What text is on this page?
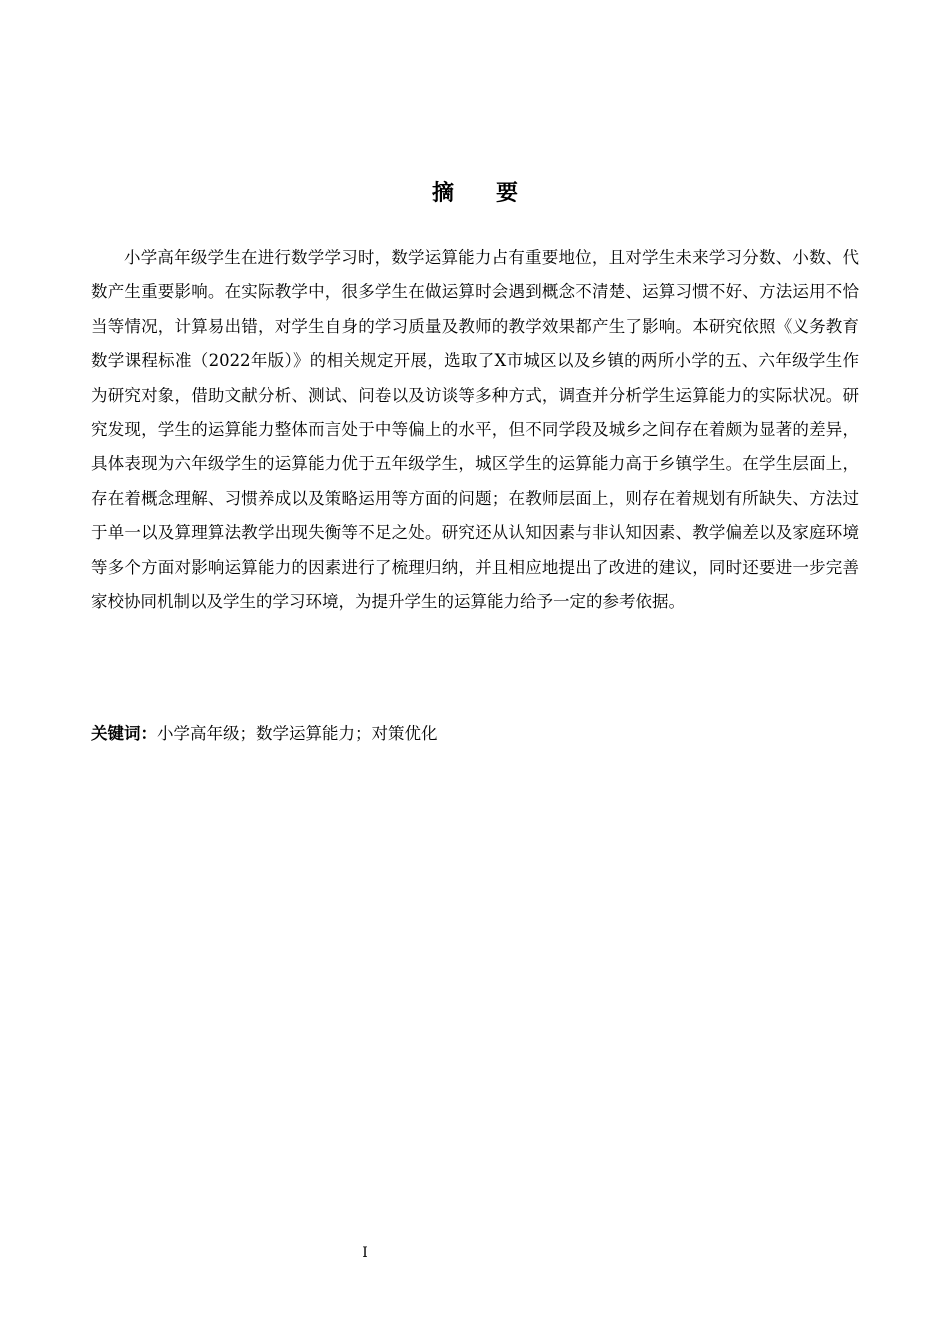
摘要

小学高年级学生在进行数学学习时，数学运算能力占有重要地位，且对学生未来学习分数、小数、代数产生重要影响。在实际教学中，很多学生在做运算时会遇到概念不清楚、运算习惯不好、方法运用不恰当等情况，计算易出错，对学生自身的学习质量及教师的教学效果都产生了影响。本研究依照《义务教育数学课程标准（2022年版）》的相关规定开展，选取了X市城区以及乡镇的两所小学的五、六年级学生作为研究对象，借助文献分析、测试、问卷以及访谈等多种方式，调查并分析学生运算能力的实际状况。研究发现，学生的运算能力整体而言处于中等偏上的水平，但不同学段及城乡之间存在着颇为显著的差异，具体表现为六年级学生的运算能力优于五年级学生，城区学生的运算能力高于乡镇学生。在学生层面上，存在着概念理解、习惯养成以及策略运用等方面的问题；在教师层面上，则存在着规划有所缺失、方法过于单一以及算理算法教学出现失衡等不足之处。研究还从认知因素与非认知因素、教学偏差以及家庭环境等多个方面对影响运算能力的因素进行了梳理归纳，并且相应地提出了改进的建议，同时还要进一步完善家校协同机制以及学生的学习环境，为提升学生的运算能力给予一定的参考依据。

关键词：小学高年级；数学运算能力；对策优化

I
